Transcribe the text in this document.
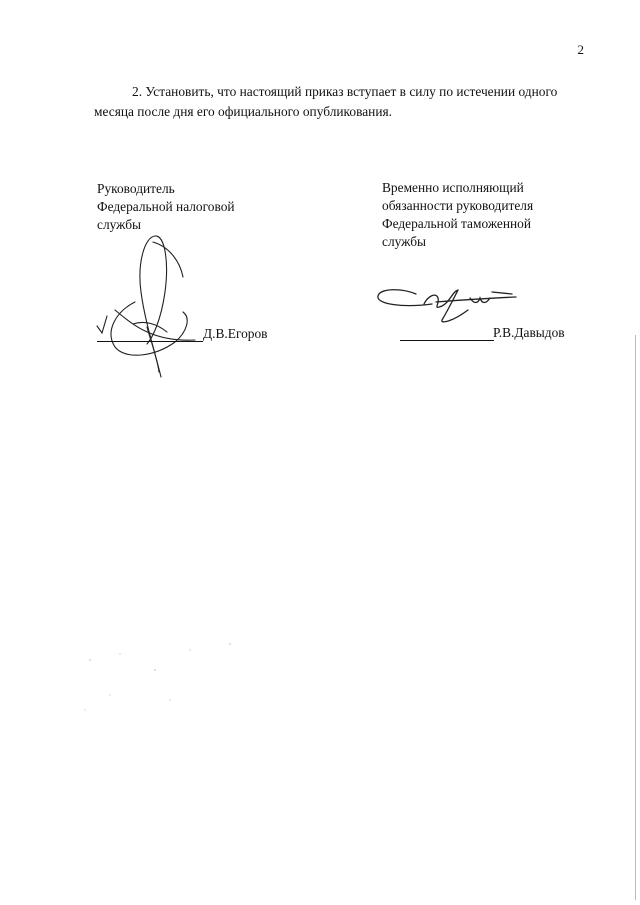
2

2. Установить, что настоящий приказ вступает в силу по истечении одного месяца после дня его официального опубликования.

Руководитель
Федеральной налоговой
службы
Д.В.Егоров
Временно исполняющий
обязанности руководителя
Федеральной таможенной
службы
Р.В.Давыдов
